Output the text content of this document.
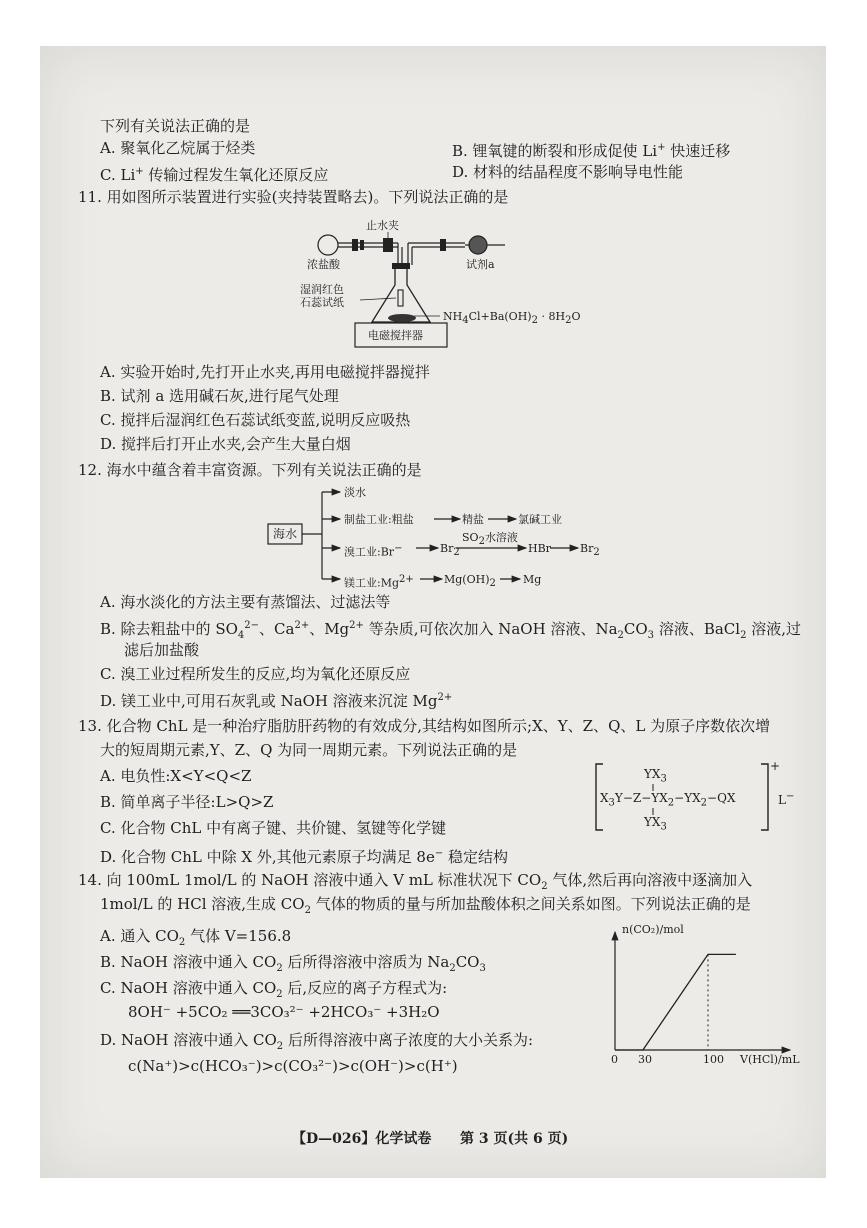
下列有关说法正确的是
A. 聚氧化乙烷属于烃类	B. 锂氧键的断裂和形成促使 Li+ 快速迁移
C. Li+ 传输过程发生氧化还原反应	D. 材料的结晶程度不影响导电性能
11. 用如图所示装置进行实验(夹持装置略去)。下列说法正确的是
止水夹
浓盐酸	试剂a
湿润红色
石蕊试纸
$NH_4Cl+Ba(OH)_2 \cdot 8H_2O$
电磁搅拌器
A. 实验开始时,先打开止水夹,再用电磁搅拌器搅拌
B. 试剂 a 选用碱石灰,进行尾气处理
C. 搅拌后湿润红色石蕊试纸变蓝,说明反应吸热
D. 搅拌后打开止水夹,会产生大量白烟
12. 海水中蕴含着丰富资源。下列有关说法正确的是
海水
淡水
制盐工业:粗盐	精盐	氯碱工业
溴工业:Br−	$Br_2$
$SO_2$水溶液
HBr	$Br_2$
镁工业$:Mg^{2+}$	$Mg(OH)_2$ Mg
A. 海水淡化的方法主要有蒸馏法、过滤法等
B. 除去粗盐中的 $SO_4^{2-}$、$Ca^{2+}$、$Mg^{2+}$ 等杂质,可依次加入 NaOH 溶液、$Na_2CO_3$ 溶液、BaCl$_2$ 溶液,过
滤后加盐酸
C. 溴工业过程所发生的反应,均为氧化还原反应
D. 镁工业中,可用石灰乳或 NaOH 溶液来沉淀 $Mg^{2+}$
13. 化合物 ChL 是一种治疗脂肪肝药物的有效成分,其结构如图所示;X、Y、Z、Q、L 为原子序数依次增
大的短周期元素,Y、Z、Q 为同一周期元素。下列说法正确的是
A. 电负性:X<Y<Q<Z
B. 简单离子半径:L>Q>Z
C. 化合物 ChL 中有离子键、共价键、氢键等化学键
D. 化合物 ChL 中除 X 外,其他元素原子均满足 8e− 稳定结构
$YX_3$
$X_3Y-Z-YX_2-YX_2-QX$
$YX_3$
+
L−
14. 向 100mL 1mol/L 的 NaOH 溶液中通入 V mL 标准状况下 $CO_2$ 气体,然后再向溶液中逐滴加入
1mol/L 的 HCl 溶液,生成 $CO_2$ 气体的物质的量与所加盐酸体积之间关系如图。下列说法正确的是
A. 通入 $CO_2$ 气体 V=156.8
B. NaOH 溶液中通入 $CO_2$ 后所得溶液中溶质为 $Na_2CO_3$
C. NaOH 溶液中通入 $CO_2$ 后,反应的离子方程式为:
8OH⁻ +5CO₂ ══3CO₃²⁻ +2HCO₃⁻ +3H₂O
D. NaOH 溶液中通入 $CO_2$ 后所得溶液中离子浓度的大小关系为:
c(Na⁺)>c(HCO₃⁻)>c(CO₃²⁻)>c(OH⁻)>c(H⁺)
n(CO₂)/mol
V(HCl)/mL
0 30	100
【D—026】化学试卷 第 3 页(共 6 页)
